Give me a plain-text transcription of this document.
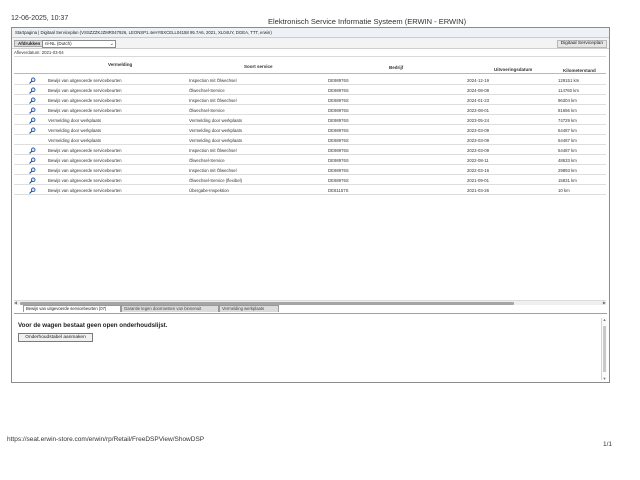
12-06-2025, 10:37	Elektronisch Service Informatie Systeem (ERWIN - ERWIN)
Startpagina | Digitaal Serviceplan (VSSZZZKJZMR047926, LEONSP1.4eHYBXCELL04158 95.7A6, 2021, XL04UY, DGEA, TTT, erwin)
Afdrukken	nl-NL (Dutch)	⌄	Digitaal Serviceplan
Afleverdatum: 2021-03-04
Vermelding	Soort service	Bedrijf	Uitvoeringsdatum	Kilometerstand
Bewijs van uitgevoerde servicebeurten	Inspection mit Ölwechsel	DE98976S	2024-12-19	129151 km
Bewijs van uitgevoerde servicebeurten	Ölwechsel-Service	DE98976S	2024-08-08	114760 km
Bewijs van uitgevoerde servicebeurten	Inspection mit Ölwechsel	DE98976S	2024-01-23	96304 km
Bewijs van uitgevoerde servicebeurten	Ölwechsel-Service	DE98976S	2023-08-01	81656 km
Vermelding door werkplaats	Vermelding door werkplaats	DE98976S	2023-05-24	74729 km
Vermelding door werkplaats	Vermelding door werkplaats	DE98976S	2023-03-09	64487 km
Vermelding door werkplaats	Vermelding door werkplaats	DE98976S	2023-03-09	64487 km
Bewijs van uitgevoerde servicebeurten	Inspection mit Ölwechsel	DE98976S	2023-03-09	64487 km
Bewijs van uitgevoerde servicebeurten	Ölwechsel-Service	DE98976S	2022-08-11	48633 km
Bewijs van uitgevoerde servicebeurten	Inspection mit Ölwechsel	DE98976S	2022-03-16	29893 km
Bewijs van uitgevoerde servicebeurten	Ölwechsel-Service (flexibel)	DE98976S	2021-09-01	15831 km
Bewijs van uitgevoerde servicebeurten	Übergabe-Inspektion	DE81157S	2021-03-26	10 km
◀	▶
Bewijs van uitgevoerde servicebeurten (07)	Garantie tegen doorroesten van binnenuit	Vermelding werkplaats
Voor de wagen bestaat geen open onderhoudslijst.
Onderhoudstabel aanmaken
▲
▼
https://seat.erwin-store.com/erwin/rp/Retail/FreeDSPView/ShowDSP
1/1
